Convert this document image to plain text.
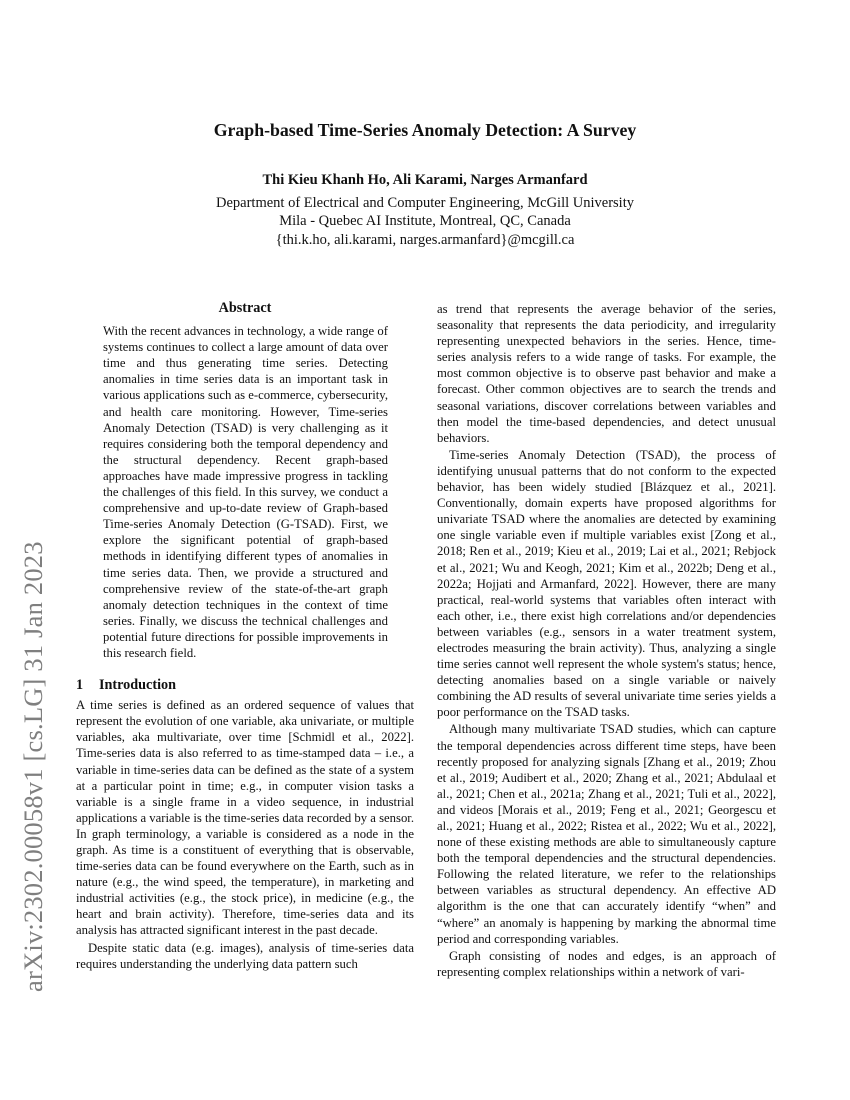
arXiv:2302.00058v1 [cs.LG] 31 Jan 2023
Graph-based Time-Series Anomaly Detection: A Survey
Thi Kieu Khanh Ho, Ali Karami, Narges Armanfard
Department of Electrical and Computer Engineering, McGill University
Mila - Quebec AI Institute, Montreal, QC, Canada
{thi.k.ho, ali.karami, narges.armanfard}@mcgill.ca
Abstract

With the recent advances in technology, a wide range of systems continues to collect a large amount of data over time and thus generating time series. Detecting anomalies in time series data is an important task in various applications such as e-commerce, cybersecurity, and health care monitoring. However, Time-series Anomaly Detection (TSAD) is very challenging as it requires considering both the temporal dependency and the structural dependency. Recent graph-based approaches have made impressive progress in tackling the challenges of this field. In this survey, we conduct a comprehensive and up-to-date review of Graph-based Time-series Anomaly Detection (G-TSAD). First, we explore the significant potential of graph-based methods in identifying different types of anomalies in time series data. Then, we provide a structured and comprehensive review of the state-of-the-art graph anomaly detection techniques in the context of time series. Finally, we discuss the technical challenges and potential future directions for possible improvements in this research field.

1 Introduction

A time series is defined as an ordered sequence of values that represent the evolution of one variable, aka univariate, or multiple variables, aka multivariate, over time [Schmidl et al., 2022]. Time-series data is also referred to as time-stamped data – i.e., a variable in time-series data can be defined as the state of a system at a particular point in time; e.g., in computer vision tasks a variable is a single frame in a video sequence, in industrial applications a variable is the time-series data recorded by a sensor. In graph terminology, a variable is considered as a node in the graph. As time is a constituent of everything that is observable, time-series data can be found everywhere on the Earth, such as in nature (e.g., the wind speed, the temperature), in marketing and industrial activities (e.g., the stock price), in medicine (e.g., the heart and brain activity). Therefore, time-series data and its analysis has attracted significant interest in the past decade.

Despite static data (e.g. images), analysis of time-series data requires understanding the underlying data pattern such

as trend that represents the average behavior of the series, seasonality that represents the data periodicity, and irregularity representing unexpected behaviors in the series. Hence, time-series analysis refers to a wide range of tasks. For example, the most common objective is to observe past behavior and make a forecast. Other common objectives are to search the trends and seasonal variations, discover correlations between variables and then model the time-based dependencies, and detect unusual behaviors.

Time-series Anomaly Detection (TSAD), the process of identifying unusual patterns that do not conform to the expected behavior, has been widely studied [Blázquez et al., 2021]. Conventionally, domain experts have proposed algorithms for univariate TSAD where the anomalies are detected by examining one single variable even if multiple variables exist [Zong et al., 2018; Ren et al., 2019; Kieu et al., 2019; Lai et al., 2021; Rebjock et al., 2021; Wu and Keogh, 2021; Kim et al., 2022b; Deng et al., 2022a; Hojjati and Armanfard, 2022]. However, there are many practical, real-world systems that variables often interact with each other, i.e., there exist high correlations and/or dependencies between variables (e.g., sensors in a water treatment system, electrodes measuring the brain activity). Thus, analyzing a single time series cannot well represent the whole system's status; hence, detecting anomalies based on a single variable or naively combining the AD results of several univariate time series yields a poor performance on the TSAD tasks.

Although many multivariate TSAD studies, which can capture the temporal dependencies across different time steps, have been recently proposed for analyzing signals [Zhang et al., 2019; Zhou et al., 2019; Audibert et al., 2020; Zhang et al., 2021; Abdulaal et al., 2021; Chen et al., 2021a; Zhang et al., 2021; Tuli et al., 2022], and videos [Morais et al., 2019; Feng et al., 2021; Georgescu et al., 2021; Huang et al., 2022; Ristea et al., 2022; Wu et al., 2022], none of these existing methods are able to simultaneously capture both the temporal dependencies and the structural dependencies. Following the related literature, we refer to the relationships between variables as structural dependency. An effective AD algorithm is the one that can accurately identify “when” and “where” an anomaly is happening by marking the abnormal time period and corresponding variables.

Graph consisting of nodes and edges, is an approach of representing complex relationships within a network of vari-
